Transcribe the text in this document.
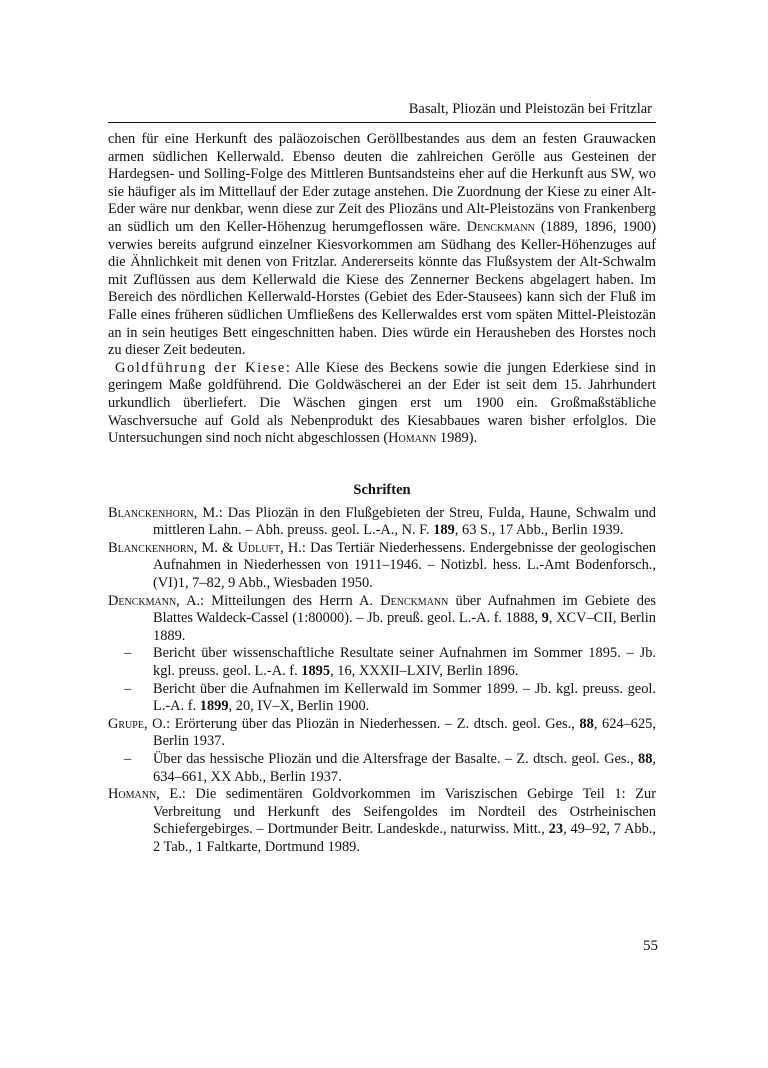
Basalt, Pliozän und Pleistozän bei Fritzlar

chen für eine Herkunft des paläozoischen Geröllbestandes aus dem an festen Grauwacken armen südlichen Kellerwald. Ebenso deuten die zahlreichen Gerölle aus Gesteinen der Hardegsen- und Solling-Folge des Mittleren Buntsandsteins eher auf die Herkunft aus SW, wo sie häufiger als im Mittellauf der Eder zutage anstehen. Die Zuordnung der Kiese zu einer Alt-Eder wäre nur denkbar, wenn diese zur Zeit des Pliozäns und Alt-Pleistozäns von Frankenberg an südlich um den Keller-Höhenzug herumgeflossen wäre. Denckmann (1889, 1896, 1900) verwies bereits aufgrund einzelner Kiesvorkommen am Südhang des Keller-Höhenzuges auf die Ähnlichkeit mit denen von Fritzlar. Andererseits könnte das Flußsystem der Alt-Schwalm mit Zuflüssen aus dem Kellerwald die Kiese des Zennerner Beckens abgelagert haben. Im Bereich des nördlichen Kellerwald-Horstes (Gebiet des Eder-Stausees) kann sich der Fluß im Falle eines früheren südlichen Umfließens des Kellerwaldes erst vom späten Mittel-Pleistozän an in sein heutiges Bett eingeschnitten haben. Dies würde ein Herausheben des Horstes noch zu dieser Zeit bedeuten.

Goldführung der Kiese: Alle Kiese des Beckens sowie die jungen Ederkiese sind in geringem Maße goldführend. Die Goldwäscherei an der Eder ist seit dem 15. Jahrhundert urkundlich überliefert. Die Wäschen gingen erst um 1900 ein. Großmaßstäbliche Waschversuche auf Gold als Nebenprodukt des Kiesabbaues waren bisher erfolglos. Die Untersuchungen sind noch nicht abgeschlossen (Homann 1989).

Schriften

Blanckenhorn, M.: Das Pliozän in den Flußgebieten der Streu, Fulda, Haune, Schwalm und mittleren Lahn. – Abh. preuss. geol. L.-A., N. F. 189, 63 S., 17 Abb., Berlin 1939.

Blanckenhorn, M. & Udluft, H.: Das Tertiär Niederhessens. Endergebnisse der geologischen Aufnahmen in Niederhessen von 1911–1946. – Notizbl. hess. L.-Amt Bodenforsch., (VI)1, 7–82, 9 Abb., Wiesbaden 1950.

Denckmann, A.: Mitteilungen des Herrn A. Denckmann über Aufnahmen im Gebiete des Blattes Waldeck-Cassel (1:80000). – Jb. preuß. geol. L.-A. f. 1888, 9, XCV–CII, Berlin 1889.

– Bericht über wissenschaftliche Resultate seiner Aufnahmen im Sommer 1895. – Jb. kgl. preuss. geol. L.-A. f. 1895, 16, XXXII–LXIV, Berlin 1896.

– Bericht über die Aufnahmen im Kellerwald im Sommer 1899. – Jb. kgl. preuss. geol. L.-A. f. 1899, 20, IV–X, Berlin 1900.

Grupe, O.: Erörterung über das Pliozän in Niederhessen. – Z. dtsch. geol. Ges., 88, 624–625, Berlin 1937.

– Über das hessische Pliozän und die Altersfrage der Basalte. – Z. dtsch. geol. Ges., 88, 634–661, XX Abb., Berlin 1937.

Homann, E.: Die sedimentären Goldvorkommen im Variszischen Gebirge Teil 1: Zur Verbreitung und Herkunft des Seifengoldes im Nordteil des Ostrheinischen Schiefergebirges. – Dortmunder Beitr. Landeskde., naturwiss. Mitt., 23, 49–92, 7 Abb., 2 Tab., 1 Faltkarte, Dortmund 1989.

55
